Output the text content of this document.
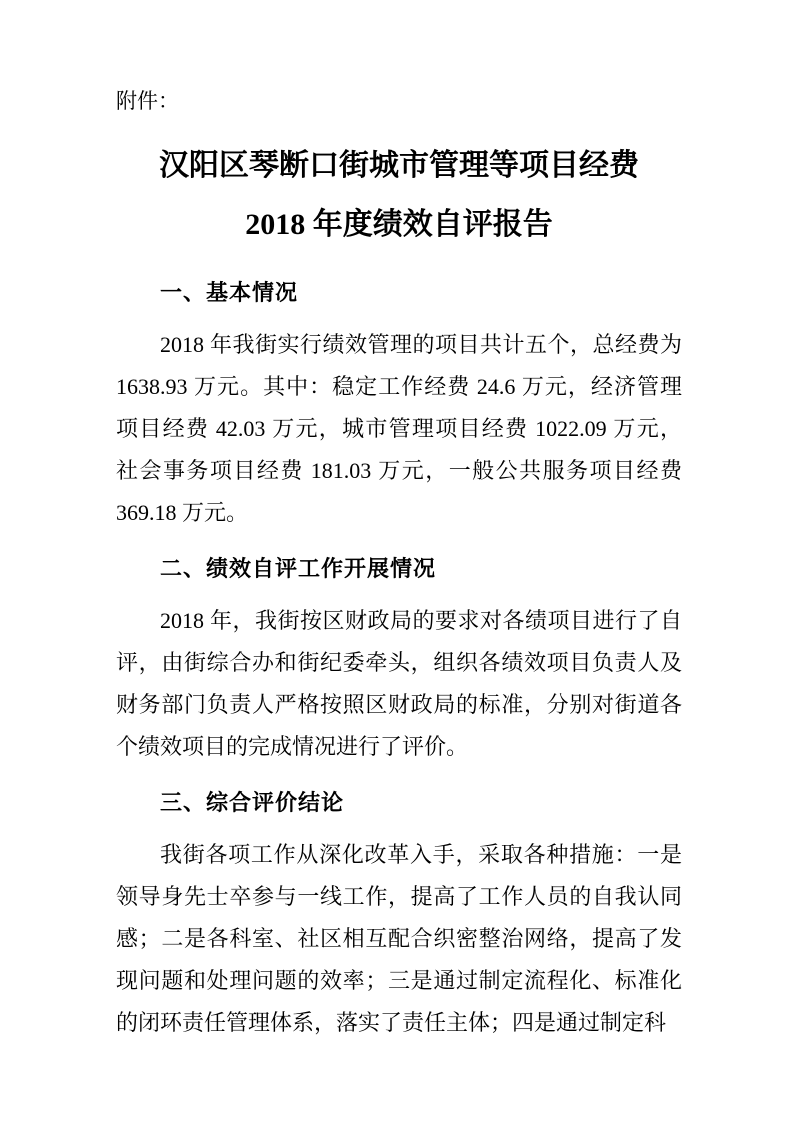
附件：
汉阳区琴断口街城市管理等项目经费
2018 年度绩效自评报告
一、基本情况
2018 年我街实行绩效管理的项目共计五个，总经费为
1638.93 万元。其中：稳定工作经费 24.6 万元，经济管理
项目经费 42.03 万元，城市管理项目经费 1022.09 万元，
社会事务项目经费 181.03 万元，一般公共服务项目经费
369.18 万元。
二、绩效自评工作开展情况
2018 年，我街按区财政局的要求对各绩项目进行了自
评，由街综合办和街纪委牵头，组织各绩效项目负责人及
财务部门负责人严格按照区财政局的标准，分别对街道各
个绩效项目的完成情况进行了评价。
三、综合评价结论
我街各项工作从深化改革入手，采取各种措施：一是
领导身先士卒参与一线工作，提高了工作人员的自我认同
感；二是各科室、社区相互配合织密整治网络，提高了发
现问题和处理问题的效率；三是通过制定流程化、标准化
的闭环责任管理体系，落实了责任主体；四是通过制定科
